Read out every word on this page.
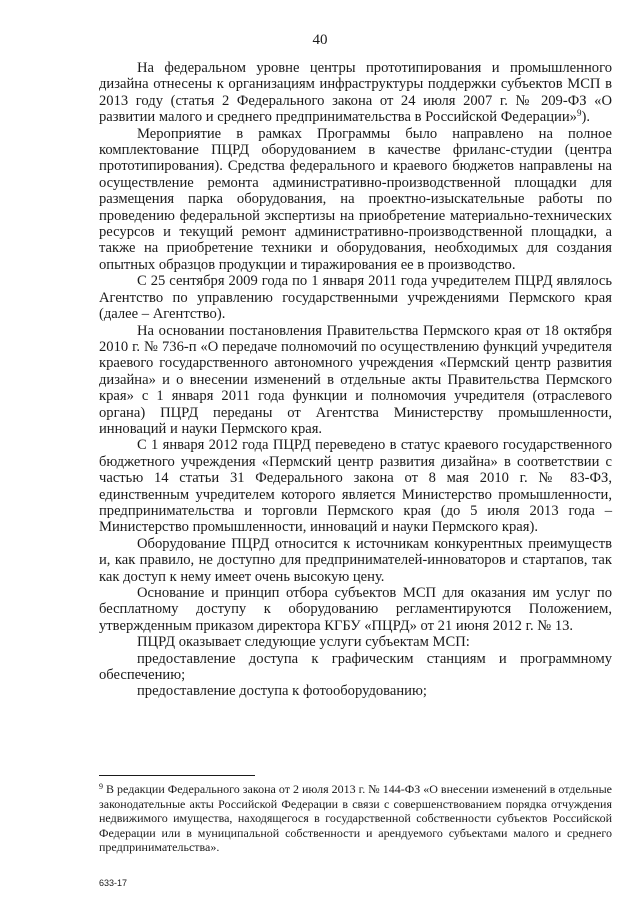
40

На федеральном уровне центры прототипирования и промышленного дизайна отнесены к организациям инфраструктуры поддержки субъектов МСП в 2013 году (статья 2 Федерального закона от 24 июля 2007 г. № 209-ФЗ «О развитии малого и среднего предпринимательства в Российской Федерации»$^9$).

Мероприятие в рамках Программы было направлено на полное комплектование ПЦРД оборудованием в качестве фриланс-студии (центра прототипирования). Средства федерального и краевого бюджетов направлены на осуществление ремонта административно-производственной площадки для размещения парка оборудования, на проектно-изыскательные работы по проведению федеральной экспертизы на приобретение материально-технических ресурсов и текущий ремонт административно-производственной площадки, а также на приобретение техники и оборудования, необходимых для создания опытных образцов продукции и тиражирования ее в производство.

С 25 сентября 2009 года по 1 января 2011 года учредителем ПЦРД являлось Агентство по управлению государственными учреждениями Пермского края (далее – Агентство).

На основании постановления Правительства Пермского края от 18 октября 2010 г. № 736-п «О передаче полномочий по осуществлению функций учредителя краевого государственного автономного учреждения «Пермский центр развития дизайна» и о внесении изменений в отдельные акты Правительства Пермского края» с 1 января 2011 года функции и полномочия учредителя (отраслевого органа) ПЦРД переданы от Агентства Министерству промышленности, инноваций и науки Пермского края.

С 1 января 2012 года ПЦРД переведено в статус краевого государственного бюджетного учреждения «Пермский центр развития дизайна» в соответствии с частью 14 статьи 31 Федерального закона от 8 мая 2010 г. № 83-ФЗ, единственным учредителем которого является Министерство промышленности, предпринимательства и торговли Пермского края (до 5 июля 2013 года – Министерство промышленности, инноваций и науки Пермского края).

Оборудование ПЦРД относится к источникам конкурентных преимуществ и, как правило, не доступно для предпринимателей-инноваторов и стартапов, так как доступ к нему имеет очень высокую цену.

Основание и принцип отбора субъектов МСП для оказания им услуг по бесплатному доступу к оборудованию регламентируются Положением, утвержденным приказом директора КГБУ «ПЦРД» от 21 июня 2012 г. № 13.

ПЦРД оказывает следующие услуги субъектам МСП:

предоставление доступа к графическим станциям и программному обеспечению;

предоставление доступа к фотооборудованию;

$^9$ В редакции Федерального закона от 2 июля 2013 г. № 144-ФЗ «О внесении изменений в отдельные законодательные акты Российской Федерации в связи с совершенствованием порядка отчуждения недвижимого имущества, находящегося в государственной собственности субъектов Российской Федерации или в муниципальной собственности и арендуемого субъектами малого и среднего предпринимательства».
633-17
